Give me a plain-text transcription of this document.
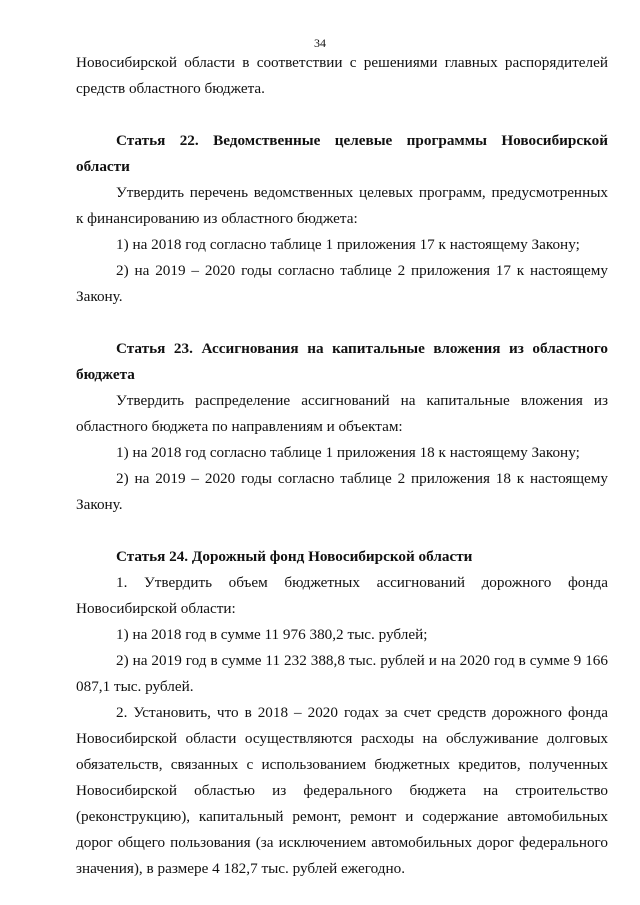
34

Новосибирской области в соответствии с решениями главных распорядителей

средств областного бюджета.

Статья 22. Ведомственные целевые программы Новосибирской области

Утвердить перечень ведомственных целевых программ, предусмотренных к финансированию из областного бюджета:

1) на 2018 год согласно таблице 1 приложения 17 к настоящему Закону;

2) на 2019 – 2020 годы согласно таблице 2 приложения 17 к настоящему Закону.

Статья 23. Ассигнования на капитальные вложения из областного бюджета

Утвердить распределение ассигнований на капитальные вложения из областного бюджета по направлениям и объектам:

1) на 2018 год согласно таблице 1 приложения 18 к настоящему Закону;

2) на 2019 – 2020 годы согласно таблице 2 приложения 18 к настоящему Закону.

Статья 24. Дорожный фонд Новосибирской области

1. Утвердить объем бюджетных ассигнований дорожного фонда Новосибирской области:

1) на 2018 год в сумме 11 976 380,2 тыс. рублей;

2) на 2019 год в сумме 11 232 388,8 тыс. рублей и на 2020 год в сумме 9 166 087,1 тыс. рублей.

2. Установить, что в 2018 – 2020 годах за счет средств дорожного фонда Новосибирской области осуществляются расходы на обслуживание долговых обязательств, связанных с использованием бюджетных кредитов, полученных Новосибирской областью из федерального бюджета на строительство (реконструкцию), капитальный ремонт, ремонт и содержание автомобильных дорог общего пользования (за исключением автомобильных дорог федерального значения), в размере 4 182,7 тыс. рублей ежегодно.
